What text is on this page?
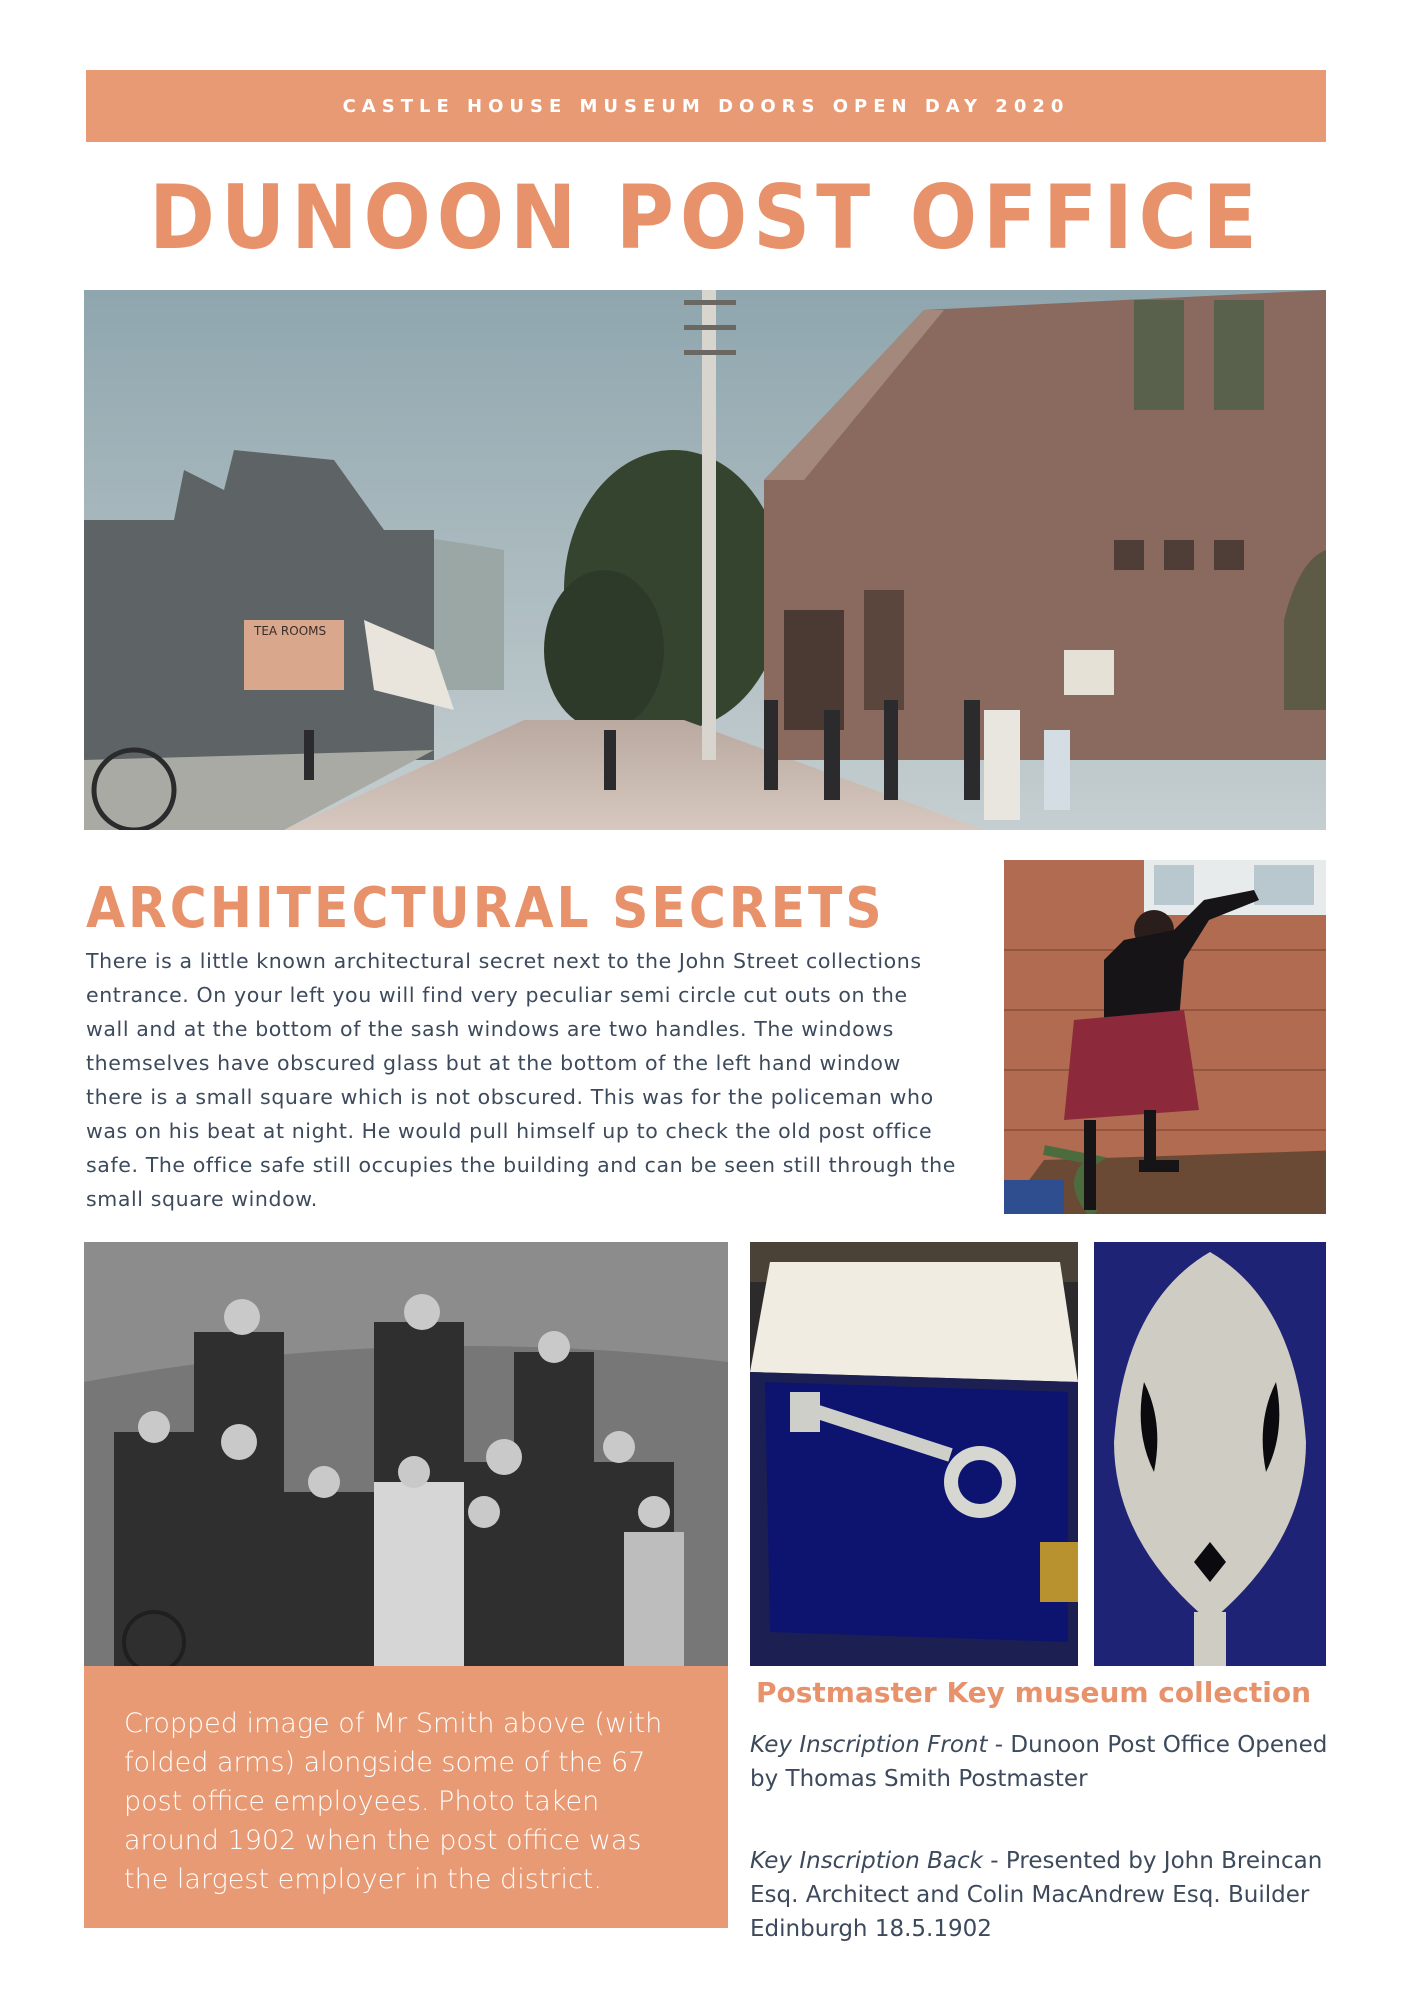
CASTLE HOUSE MUSEUM DOORS OPEN DAY 2020
DUNOON POST OFFICE
TEA ROOMS
ARCHITECTURAL SECRETS

There is a little known architectural secret next to the John Street collections entrance. On your left you will find very peculiar semi circle cut outs on the wall and at the bottom of the sash windows are two handles. The windows themselves have obscured glass but at the bottom of the left hand window there is a small square which is not obscured. This was for the policeman who was on his beat at night. He would pull himself up to check the old post office safe. The office safe still occupies the building and can be seen still through the small square window.

Cropped image of Mr Smith above (with folded arms) alongside some of the 67 post office employees. Photo taken around 1902 when the post office was the largest employer in the district.

Postmaster Key museum collection

Key Inscription Front - Dunoon Post Office Opened by Thomas Smith Postmaster

Key Inscription Back - Presented by John Breincan Esq. Architect and Colin MacAndrew Esq. Builder Edinburgh 18.5.1902
